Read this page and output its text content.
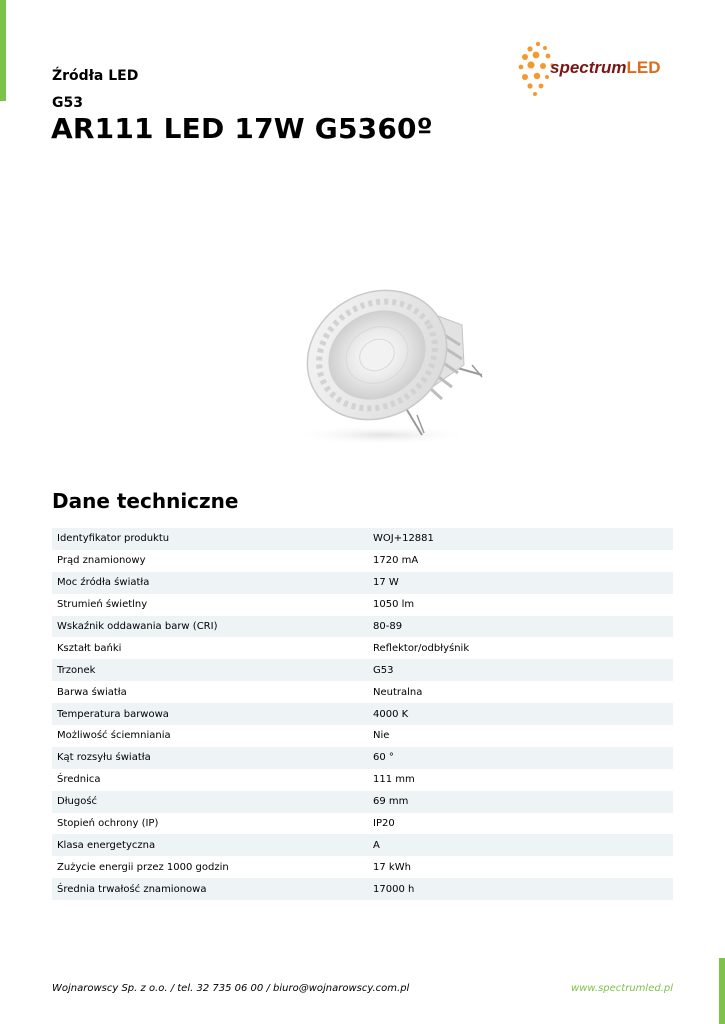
Źródła LED
G53
AR111 LED 17W G5360º
spectrumLED
Dane techniczne
Identyfikator produktu	WOJ+12881
Prąd znamionowy	1720 mA
Moc źródła światła	17 W
Strumień świetlny	1050 lm
Wskaźnik oddawania barw (CRI)	80-89
Kształt bańki	Reflektor/odbłyśnik
Trzonek	G53
Barwa światła	Neutralna
Temperatura barwowa	4000 K
Możliwość ściemniania	Nie
Kąt rozsyłu światła	60 °
Średnica	111 mm
Długość	69 mm
Stopień ochrony (IP)	IP20
Klasa energetyczna	A
Zużycie energii przez 1000 godzin	17 kWh
Średnia trwałość znamionowa	17000 h
Wojnarowscy Sp. z o.o. / tel. 32 735 06 00 / biuro@wojnarowscy.com.pl	www.spectrumled.pl
